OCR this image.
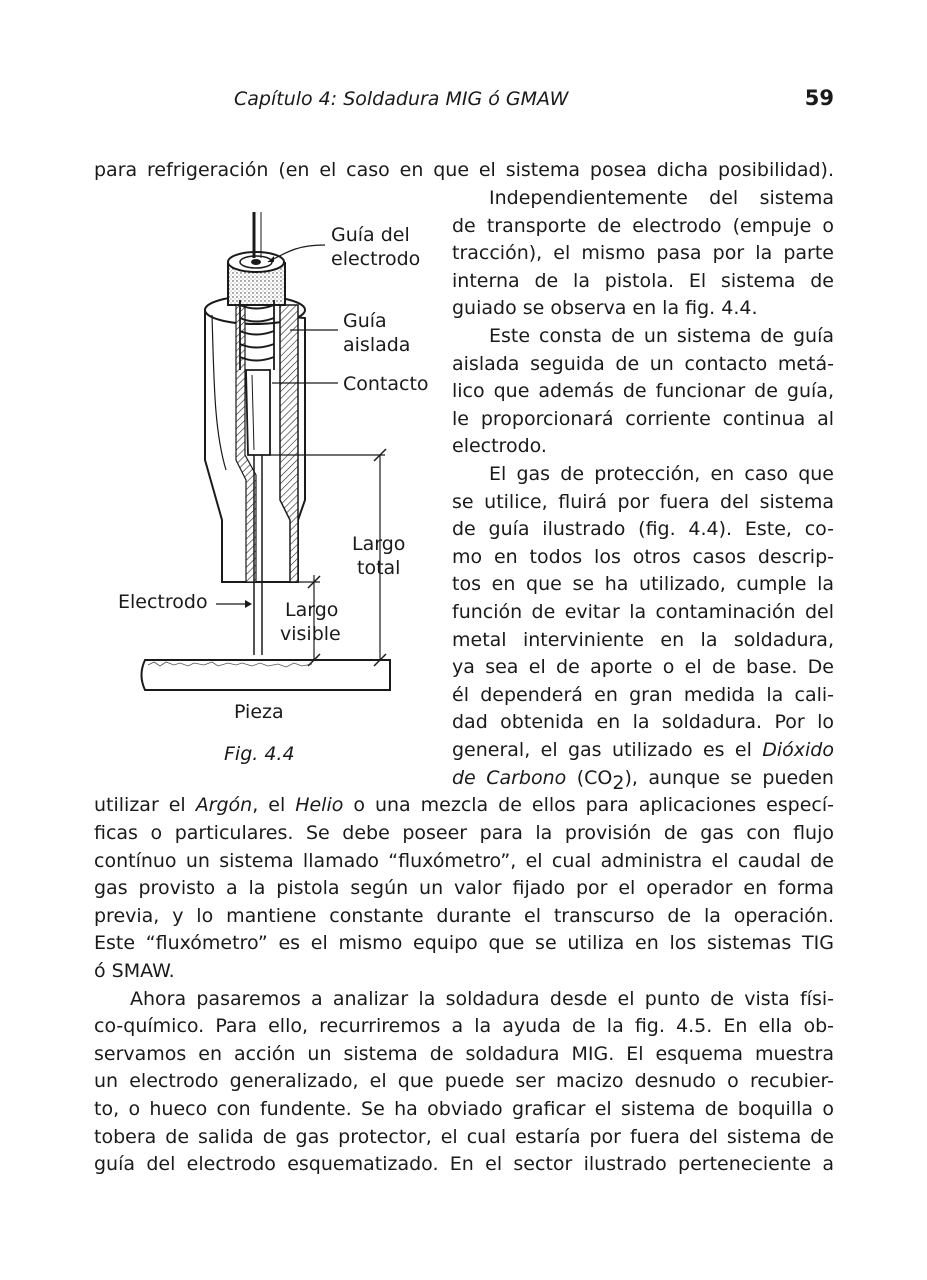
Capítulo 4: Soldadura MIG ó GMAW	59
para refrigeración (en el caso en que el sistema posea dicha posibilidad).
Independientemente del sistema
de transporte de electrodo (empuje o
tracción), el mismo pasa por la parte
interna de la pistola. El sistema de
guiado se observa en la fig. 4.4.
Este consta de un sistema de guía
aislada seguida de un contacto metá-
lico que además de funcionar de guía,
le proporcionará corriente continua al
electrodo.
El gas de protección, en caso que
se utilice, fluirá por fuera del sistema
de guía ilustrado (fig. 4.4). Este, co-
mo en todos los otros casos descrip-
tos en que se ha utilizado, cumple la
función de evitar la contaminación del
metal interviniente en la soldadura,
ya sea el de aporte o el de base. De
él dependerá en gran medida la cali-
dad obtenida en la soldadura. Por lo
general, el gas utilizado es el Dióxido
de Carbono $(CO_2)$, aunque se pueden
utilizar el Argón, el Helio o una mezcla de ellos para aplicaciones especí-
ficas o particulares. Se debe poseer para la provisión de gas con flujo
contínuo un sistema llamado “fluxómetro”, el cual administra el caudal de
gas provisto a la pistola según un valor fijado por el operador en forma
previa, y lo mantiene constante durante el transcurso de la operación.
Este “fluxómetro” es el mismo equipo que se utiliza en los sistemas TIG
ó SMAW.
Ahora pasaremos a analizar la soldadura desde el punto de vista físi-
co-químico. Para ello, recurriremos a la ayuda de la fig. 4.5. En ella ob-
servamos en acción un sistema de soldadura MIG. El esquema muestra
un electrodo generalizado, el que puede ser macizo desnudo o recubier-
to, o hueco con fundente. Se ha obviado graficar el sistema de boquilla o
tobera de salida de gas protector, el cual estaría por fuera del sistema de
guía del electrodo esquematizado. En el sector ilustrado perteneciente a
Guía del
electrodo
Guía
aislada
Contacto
Largo
total
Electrodo	Largo
visible
Pieza
Fig. 4.4
